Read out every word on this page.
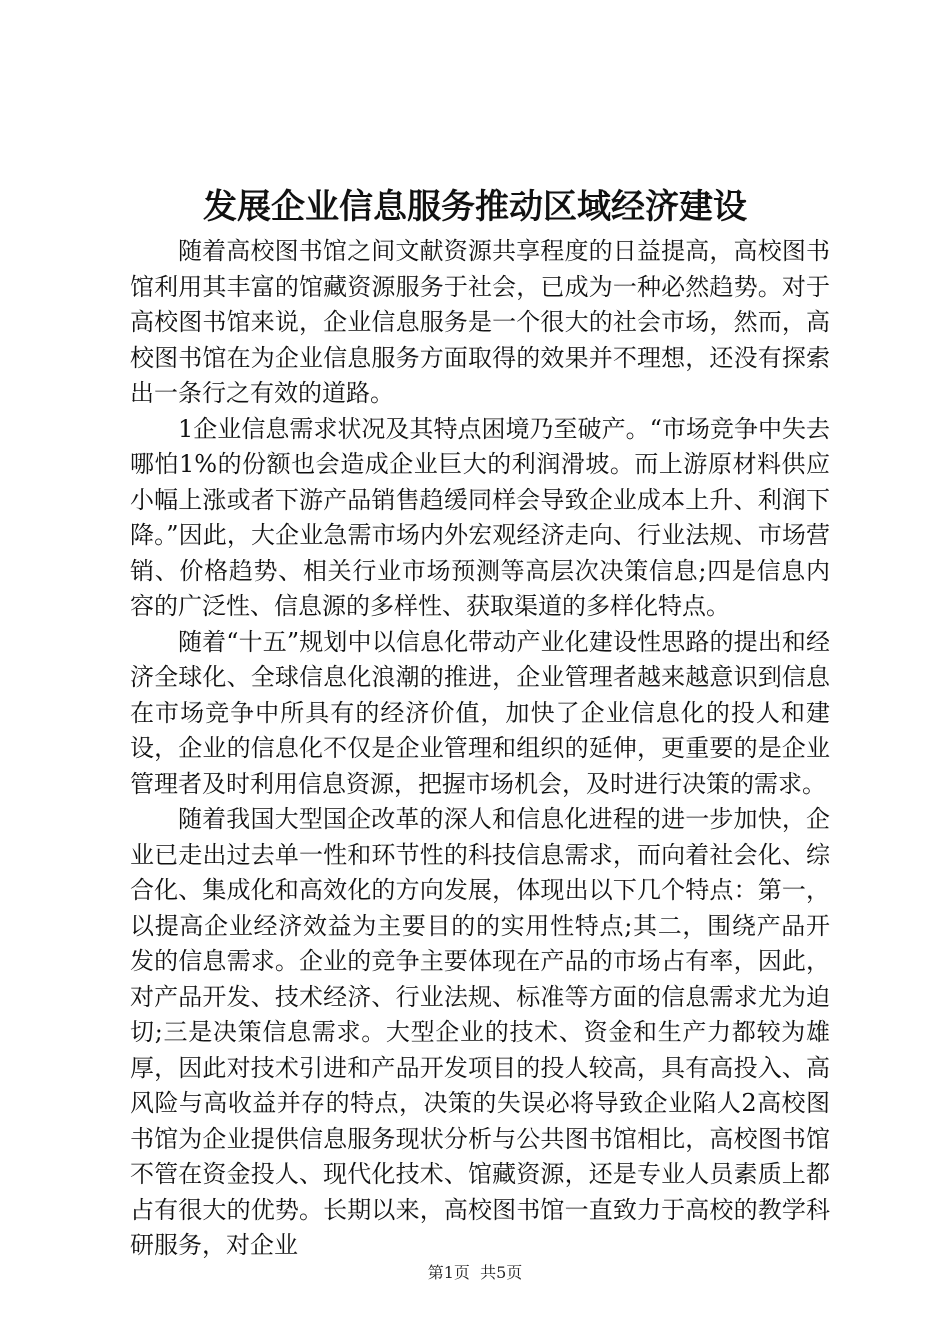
发展企业信息服务推动区域经济建设

随着高校图书馆之间文献资源共享程度的日益提高，高校图书馆利用其丰富的馆藏资源服务于社会，已成为一种必然趋势。对于高校图书馆来说，企业信息服务是一个很大的社会市场，然而，高校图书馆在为企业信息服务方面取得的效果并不理想，还没有探索出一条行之有效的道路。

1企业信息需求状况及其特点困境乃至破产。“市场竞争中失去哪怕1%的份额也会造成企业巨大的利润滑坡。而上游原材料供应小幅上涨或者下游产品销售趋缓同样会导致企业成本上升、利润下降。”因此，大企业急需市场内外宏观经济走向、行业法规、市场营销、价格趋势、相关行业市场预测等高层次决策信息;四是信息内容的广泛性、信息源的多样性、获取渠道的多样化特点。

随着“十五”规划中以信息化带动产业化建设性思路的提出和经济全球化、全球信息化浪潮的推进，企业管理者越来越意识到信息在市场竞争中所具有的经济价值，加快了企业信息化的投人和建设，企业的信息化不仅是企业管理和组织的延伸，更重要的是企业管理者及时利用信息资源，把握市场机会，及时进行决策的需求。

随着我国大型国企改革的深人和信息化进程的进一步加快，企业已走出过去单一性和环节性的科技信息需求，而向着社会化、综合化、集成化和高效化的方向发展，体现出以下几个特点：第一，以提高企业经济效益为主要目的的实用性特点;其二，围绕产品开发的信息需求。企业的竞争主要体现在产品的市场占有率，因此，对产品开发、技术经济、行业法规、标准等方面的信息需求尤为迫切;三是决策信息需求。大型企业的技术、资金和生产力都较为雄厚，因此对技术引进和产品开发项目的投人较高，具有高投入、高风险与高收益并存的特点，决策的失误必将导致企业陷人2高校图书馆为企业提供信息服务现状分析与公共图书馆相比，高校图书馆不管在资金投人、现代化技术、馆藏资源，还是专业人员素质上都占有很大的优势。长期以来，高校图书馆一直致力于高校的教学科研服务，对企业

第1页 共5页
